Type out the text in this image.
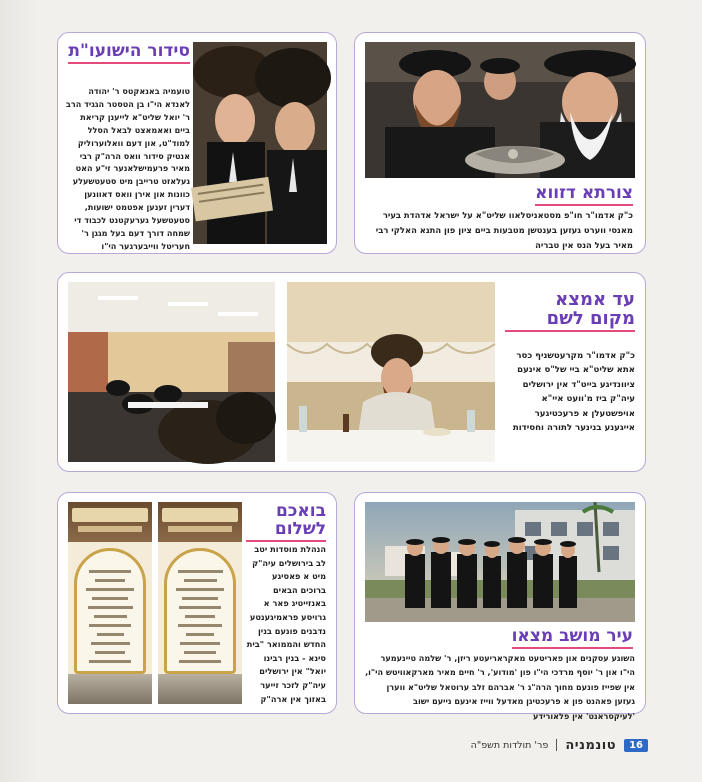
צורתא דזווא
כ"ק אדמו"ר חו"פ מסטאניסלאוו שליט"א על ישראל אדהדת בעיר מאנסי ווערט געזען בענטשן מטבעות ביים ציון פון התנא האלקי רבי מאיר בעל הנס אין טבריה
סידור הישועו"ת
טועמיה באנאקטס ר' יהודה לאנדא הי"ו בן הטסטר הגגיד הרב ר' יואל שליט"א לייענן קריאת ביים ואאמאצט לבאל הסלל למוד"ט, און דעם וואלוערוליק אנטיק סידור וואס הרה"ק רבי מאיר פרעמישלאנער זי"ע האט געלאזט טרייבן מיט סטעטשעלע כוונות און אירן וואס דאוונען דערין זענען אפטמט ישועות, סטעטשעל גערעקטנט לכבוד די שמחה דורך דעם בעל מגגן ר' חעריטל ווייבערגער הי"ו
עד אמצא מקום לשם
כ"ק אדמו"ר מקרעטשניף כסר אתא שליט"א ביי של"ס אינעם ציוונדיגע בייט"ד אין ירושלים עיה"ק ביז מ'וועט איי"א אויפשטעלן א פרעכטיגער אייגענע בנינער לתורה וחסידות
בואכם לשלום
הנהלת מוסדות יטב לב בירושלים עיה"ק מיט א פאסיגע ברוכים הבאים באנזייטיג פאר א גרויסע פראמיגענטע נדבנים פונעם בנין החדש והממואר "בית סינא - בנין רבינו יואל" אין ירושלים עיה"ק לזכר זייער באזוך אין ארה"ק
עיר מושב מצאו
השוגע עסקנים און פאריטעט מאקראריעטע ריזן, ר' שלמה טיינעמער הי"ו און ר' יוסף מרדכי הי"ו פון 'מודוע', ר' חיים מאיר מארקאוויטש הי"ו, אין שפייז פונעם מחוך הרה"ג ר' אברהם זלב ערוטאל שליט"א ווערן געזען פאהנט פון א פרעכטיגן מאדעל ווייז אינעם נייעם ישוב 'לעיקסראנט' אין פלאורידע
16
טונמניה
פר' תולדות תשפ"ה
